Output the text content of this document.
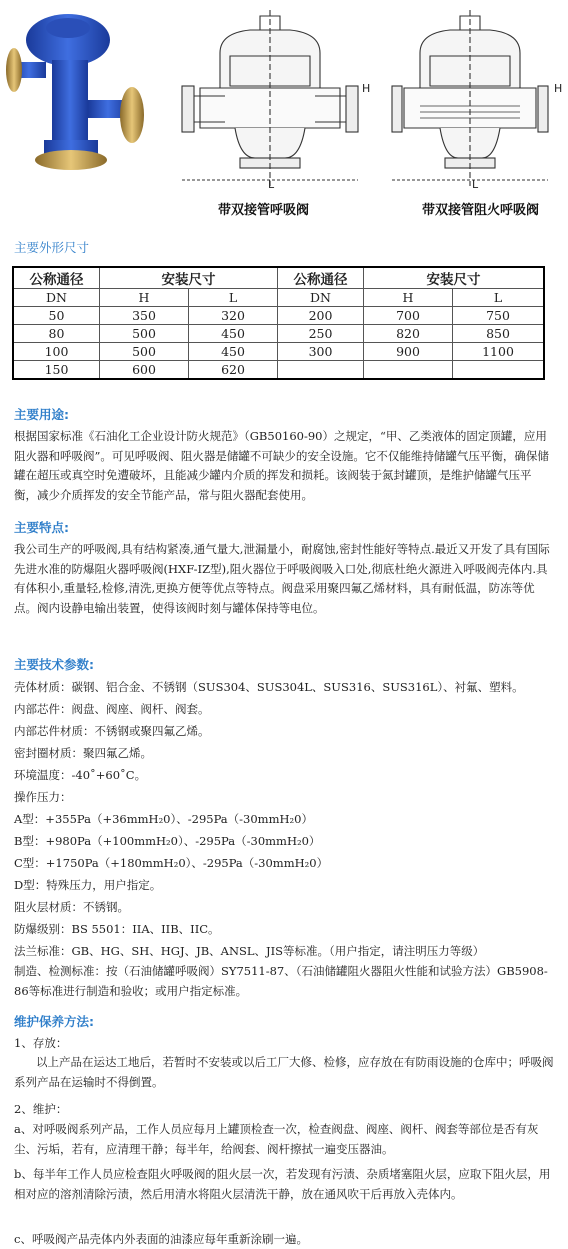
H
L
H
L
带双接管呼吸阀	带双接管阻火呼吸阀
主要外形尺寸
公称通径	安装尺寸		公称通径	安装尺寸	
DN	H	L	DN	H	L
50	350	320	200	700	750
80	500	450	250	820	850
100	500	450	300	900	1100
150	600	620			
主要用途:
根据国家标准《石油化工企业设计防火规范》（GB50160-90）之规定，“甲、乙类液体的固定顶罐，应用阻火器和呼吸阀”。可见呼吸阀、阻火器是储罐不可缺少的安全设施。它不仅能维持储罐气压平衡，确保储罐在超压或真空时免遭破坏，且能减少罐内介质的挥发和损耗。该阀装于氮封罐顶，是维护储罐气压平衡，减少介质挥发的安全节能产品，常与阻火器配套使用。
主要特点:
我公司生产的呼吸阀,具有结构紧凑,通气量大,泄漏量小，耐腐蚀,密封性能好等特点.最近又开发了具有国际先进水准的防爆阻火器呼吸阀(HXF-IZ型),阻火器位于呼吸阀吸入口处,彻底杜绝火源进入呼吸阀壳体内.具有体积小,重量轻,检修,清洗,更换方便等优点等特点。阀盘采用聚四氟乙烯材料，具有耐低温，防冻等优点。阀内设静电输出装置，使得该阀时刻与罐体保持等电位。
主要技术参数:
壳体材质：碳钢、铝合金、不锈钢（SUS304、SUS304L、SUS316、SUS316L）、衬氟、塑料。
内部芯件：阀盘、阀座、阀杆、阀套。
内部芯件材质：不锈钢或聚四氟乙烯。
密封圈材质：聚四氟乙烯。
环境温度：-40˚+60˚C。
操作压力：
A型：+355Pa（+36mmH₂0）、-295Pa（-30mmH₂0）
B型：+980Pa（+100mmH₂0）、-295Pa（-30mmH₂0）
C型：+1750Pa（+180mmH₂0）、-295Pa（-30mmH₂0）
D型：特殊压力，用户指定。
阻火层材质：不锈钢。
防爆级别：BS 5501：IIA、IIB、IIC。
法兰标准：GB、HG、SH、HGJ、JB、ANSL、JIS等标准。（用户指定，请注明压力等级）
制造、检测标准：按（石油储罐呼吸阀）SY7511-87、（石油储罐阻火器阻火性能和试验方法）GB5908-86等标准进行制造和验收；或用户指定标准。
维护保养方法:
1、存放：
以上产品在运达工地后，若暂时不安装或以后工厂大修、检修，应存放在有防雨设施的仓库中；呼吸阀系列产品在运输时不得倒置。
2、维护：
a、对呼吸阀系列产品，工作人员应每月上罐顶检查一次，检查阀盘、阀座、阀杆、阀套等部位是否有灰尘、污垢，若有，应清理干静；每半年，给阀套、阀杆擦拭一遍变压器油。
b、每半年工作人员应检查阻火呼吸阀的阻火层一次，若发现有污渍、杂质堵塞阻火层，应取下阻火层，用相对应的溶剂清除污渍，然后用清水将阻火层清洗干静，放在通风吹干后再放入壳体内。
c、呼吸阀产品壳体内外表面的油漆应每年重新涂刷一遍。
